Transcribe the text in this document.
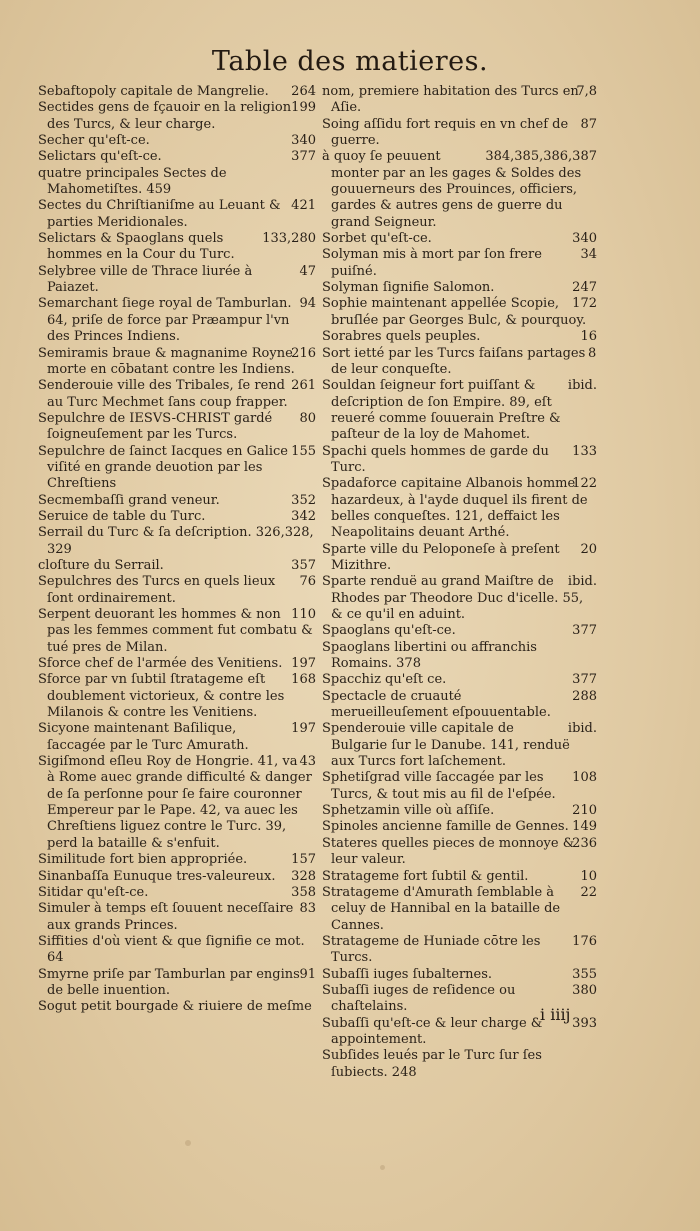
Table des matieres.
264
Sebaftopoly capitale de Mangrelie.
199
Sectides gens de fçauoir en la religion des Turcs, & leur charge.
340
Secher qu'eſt-ce.
377
Selictars qu'eſt-ce.
quatre principales Sectes de Mahometiſtes. 459
421
Sectes du Chriſtianiſme au Leuant & parties Meridionales.
133,280
Selictars & Spaoglans quels hommes en la Cour du Turc.
47
Selybree ville de Thrace liurée à Paiazet.
94
Semarchant ſiege royal de Tamburlan. 64, priſe de force par Præampur l'vn des Princes Indiens.
216
Semiramis braue & magnanime Royne morte en cōbatant contre les Indiens.
261
Senderouie ville des Tribales, ſe rend au Turc Mechmet ſans coup frapper.
80
Sepulchre de IESVS-CHRIST gardé ſoigneuſement par les Turcs.
155
Sepulchre de ſainct Iacques en Galice viſité en grande deuotion par les Chreſtiens
352
Secmembaſſi grand veneur.
342
Seruice de table du Turc.
Serrail du Turc & ſa deſcription. 326,328, 329
357
cloſture du Serrail.
76
Sepulchres des Turcs en quels lieux ſont ordinairement.
110
Serpent deuorant les hommes & non pas les femmes comment fut combatu & tué pres de Milan.
197
Sforce chef de l'armée des Venitiens.
168
Sforce par vn ſubtil ſtratageme eſt doublement victorieux, & contre les Milanois & contre les Venitiens.
197
Sicyone maintenant Baſilique, ſaccagée par le Turc Amurath.
43
Sigiſmond eſleu Roy de Hongrie. 41, va à Rome auec grande difficulté & danger de ſa perſonne pour ſe faire couronner Empereur par le Pape. 42, va auec les Chreſtiens liguez contre le Turc. 39, perd la bataille & s'enfuit.
157
Similitude fort bien appropriée.
328
Sinanbaſſa Eunuque tres-valeureux.
358
Sitidar qu'eſt-ce.
83
Simuler à temps eſt ſouuent neceſſaire aux grands Princes.
Siffities d'où vient & que ſignifie ce mot. 64
91
Smyrne priſe par Tamburlan par engins de belle inuention.
Sogut petit bourgade & riuiere de meſme
7,8
nom, premiere habitation des Turcs en Aſie.
87
Soing aſſidu fort requis en vn chef de guerre.
384,385,386,387
à quoy ſe peuuent monter par an les gages & Soldes des gouuerneurs des Prouinces, officiers, gardes & autres gens de guerre du grand Seigneur.
340
Sorbet qu'eſt-ce.
34
Solyman mis à mort par ſon frere puiſné.
247
Solyman ſignifie Salomon.
172
Sophie maintenant appellée Scopie, bruſlée par Georges Bulc, & pourquoy.
16
Sorabres quels peuples.
8
Sort ietté par les Turcs faiſans partages de leur conqueſte.
ibid.
Souldan ſeigneur fort puiſſant & deſcription de ſon Empire. 89, eſt reueré comme ſouuerain Preſtre & paſteur de la loy de Mahomet.
133
Spachi quels hommes de garde du Turc.
122
Spadaforce capitaine Albanois homme hazardeux, à l'ayde duquel ils firent de belles conqueſtes. 121, deffaict les Neapolitains deuant Arthé.
20
Sparte ville du Peloponeſe à preſent Mizithre.
ibid.
Sparte renduë au grand Maiſtre de Rhodes par Theodore Duc d'icelle. 55, & ce qu'il en aduint.
377
Spaoglans qu'eſt-ce.
Spaoglans libertini ou affranchis Romains. 378
377
Spacchiz qu'eſt ce.
288
Spectacle de cruauté merueilleuſement eſpouuentable.
ibid.
Spenderouie ville capitale de Bulgarie ſur le Danube. 141, renduë aux Turcs fort laſchement.
108
Sphetiſgrad ville ſaccagée par les Turcs, & tout mis au fil de l'eſpée.
210
Sphetzamin ville où aſſiſe.
149
Spinoles ancienne famille de Gennes.
236
Stateres quelles pieces de monnoye & leur valeur.
10
Stratageme fort ſubtil & gentil.
22
Stratageme d'Amurath ſemblable à celuy de Hannibal en la bataille de Cannes.
176
Stratageme de Huniade cōtre les Turcs.
355
Subaſſi iuges ſubalternes.
380
Subaſſi iuges de reſidence ou chaſtelains.
393
Subaſſi qu'eſt-ce & leur charge & appointement.
Subſides leués par le Turc ſur ſes ſubiects. 248
i iiij
